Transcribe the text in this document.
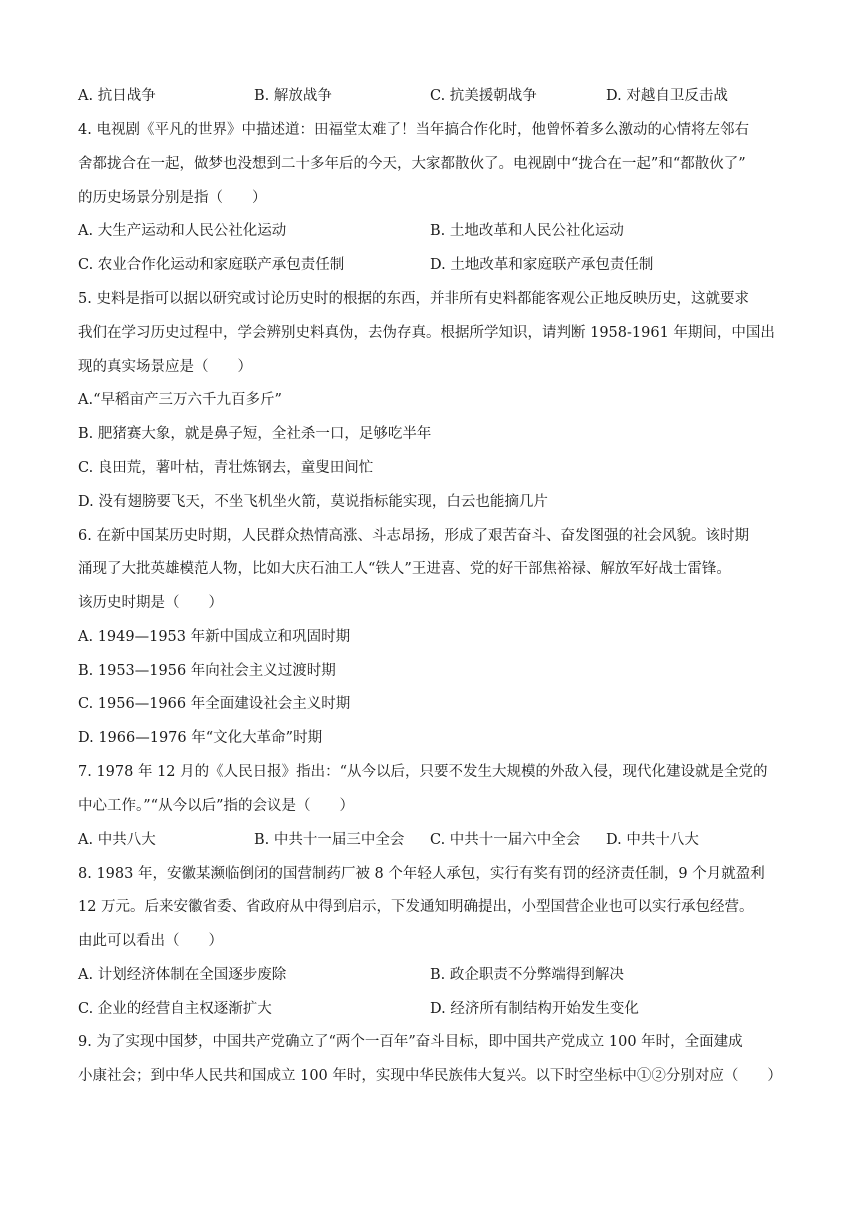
A. 抗日战争	B. 解放战争	C. 抗美援朝战争	D. 对越自卫反击战
4. 电视剧《平凡的世界》中描述道：田福堂太难了！当年搞合作化时，他曾怀着多么激动的心情将左邻右
舍都拢合在一起，做梦也没想到二十多年后的今天，大家都散伙了。电视剧中“拢合在一起”和“都散伙了”
的历史场景分别是指（　　）
A. 大生产运动和人民公社化运动	B. 土地改革和人民公社化运动
C. 农业合作化运动和家庭联产承包责任制	D. 土地改革和家庭联产承包责任制
5. 史料是指可以据以研究或讨论历史时的根据的东西，并非所有史料都能客观公正地反映历史，这就要求
我们在学习历史过程中，学会辨别史料真伪，去伪存真。根据所学知识，请判断 1958-1961 年期间，中国出
现的真实场景应是（　　）
A.“早稻亩产三万六千九百多斤”
B. 肥猪赛大象，就是鼻子短，全社杀一口，足够吃半年
C. 良田荒，薯叶枯，青壮炼钢去，童叟田间忙
D. 没有翅膀要飞天，不坐飞机坐火箭，莫说指标能实现，白云也能摘几片
6. 在新中国某历史时期，人民群众热情高涨、斗志昂扬，形成了艰苦奋斗、奋发图强的社会风貌。该时期
涌现了大批英雄模范人物，比如大庆石油工人“铁人”王进喜、党的好干部焦裕禄、解放军好战士雷锋。
该历史时期是（　　）
A. 1949—1953 年新中国成立和巩固时期
B. 1953—1956 年向社会主义过渡时期
C. 1956—1966 年全面建设社会主义时期
D. 1966—1976 年“文化大革命”时期
7. 1978 年 12 月的《人民日报》指出：“从今以后，只要不发生大规模的外敌入侵，现代化建设就是全党的
中心工作。”“从今以后”指的会议是（　　）
A. 中共八大	B. 中共十一届三中全会 C. 中共十一届六中全会 D. 中共十八大
8. 1983 年，安徽某濒临倒闭的国营制药厂被 8 个年轻人承包，实行有奖有罚的经济责任制，9 个月就盈利
12 万元。后来安徽省委、省政府从中得到启示，下发通知明确提出，小型国营企业也可以实行承包经营。
由此可以看出（　　）
A. 计划经济体制在全国逐步废除	B. 政企职责不分弊端得到解决
C. 企业的经营自主权逐渐扩大	D. 经济所有制结构开始发生变化
9. 为了实现中国梦，中国共产党确立了“两个一百年”奋斗目标，即中国共产党成立 100 年时，全面建成
小康社会；到中华人民共和国成立 100 年时，实现中华民族伟大复兴。以下时空坐标中①②分别对应（　　）
